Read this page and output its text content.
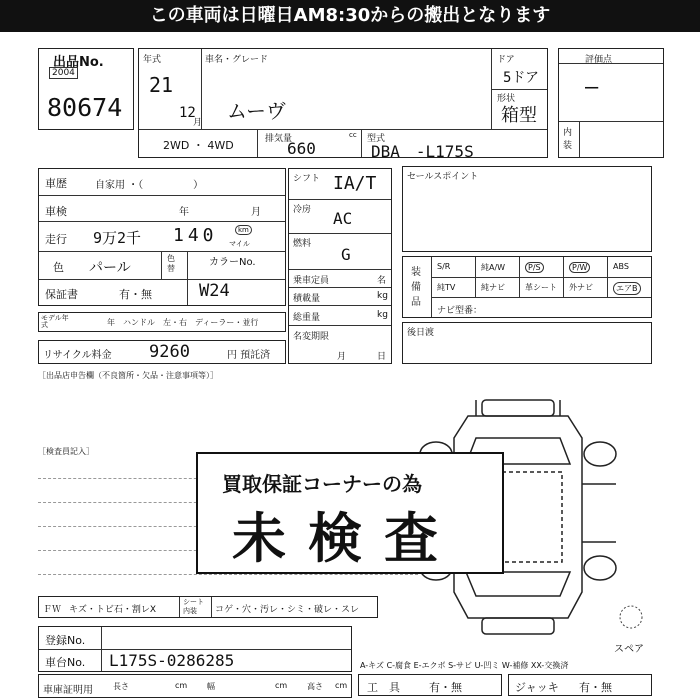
この車両は日曜日AM8:30からの搬出となります
出品No.
2004
80674
年式
21
12
月
車名・グレード
ムーヴ
ドア
5ドア
形状
箱型
2WD ・ 4WD	排気量	cc
660	型式
DBA　-L175S
評価点
—
内装
車歴	自家用 ・（　　　　　）
車検	年	月
走行 9万2千 140	km
マイル
色 パール
色替
カラーNo.
保証書	有・無	W24
モデル年式	年　ハンドル　左・右　ディーラー・並行
リサイクル料金 9260	円 預託済
シフト IA/T
冷房 AC
燃料
G
乗車定員	名
積載量	kg
総重量	kg
名変期限
月	日
セールスポイント
装備品
ナビ型番：
S/R	純A/W	P/S	P/W	ABS
純TV	純ナビ	革シート 外ナビ	エアB
後日渡
［出品店申告欄（不良箇所・欠品・注意事項等）］
［検査員記入］
スペア
買取保証コーナーの為
未検査
ＦＷ キズ・トビ石・割レX
シート内装	コゲ・穴・汚レ・シミ・破レ・スレ
登録No.
車台No. L175S-0286285
車庫証明用	長さ	cm 幅	cm 高さ cm
A-キズ C-腐食 E-エクボ S-サビ U-凹ミ W-補修 XX-交換済
工　具	有・無	ジャッキ 有・無
